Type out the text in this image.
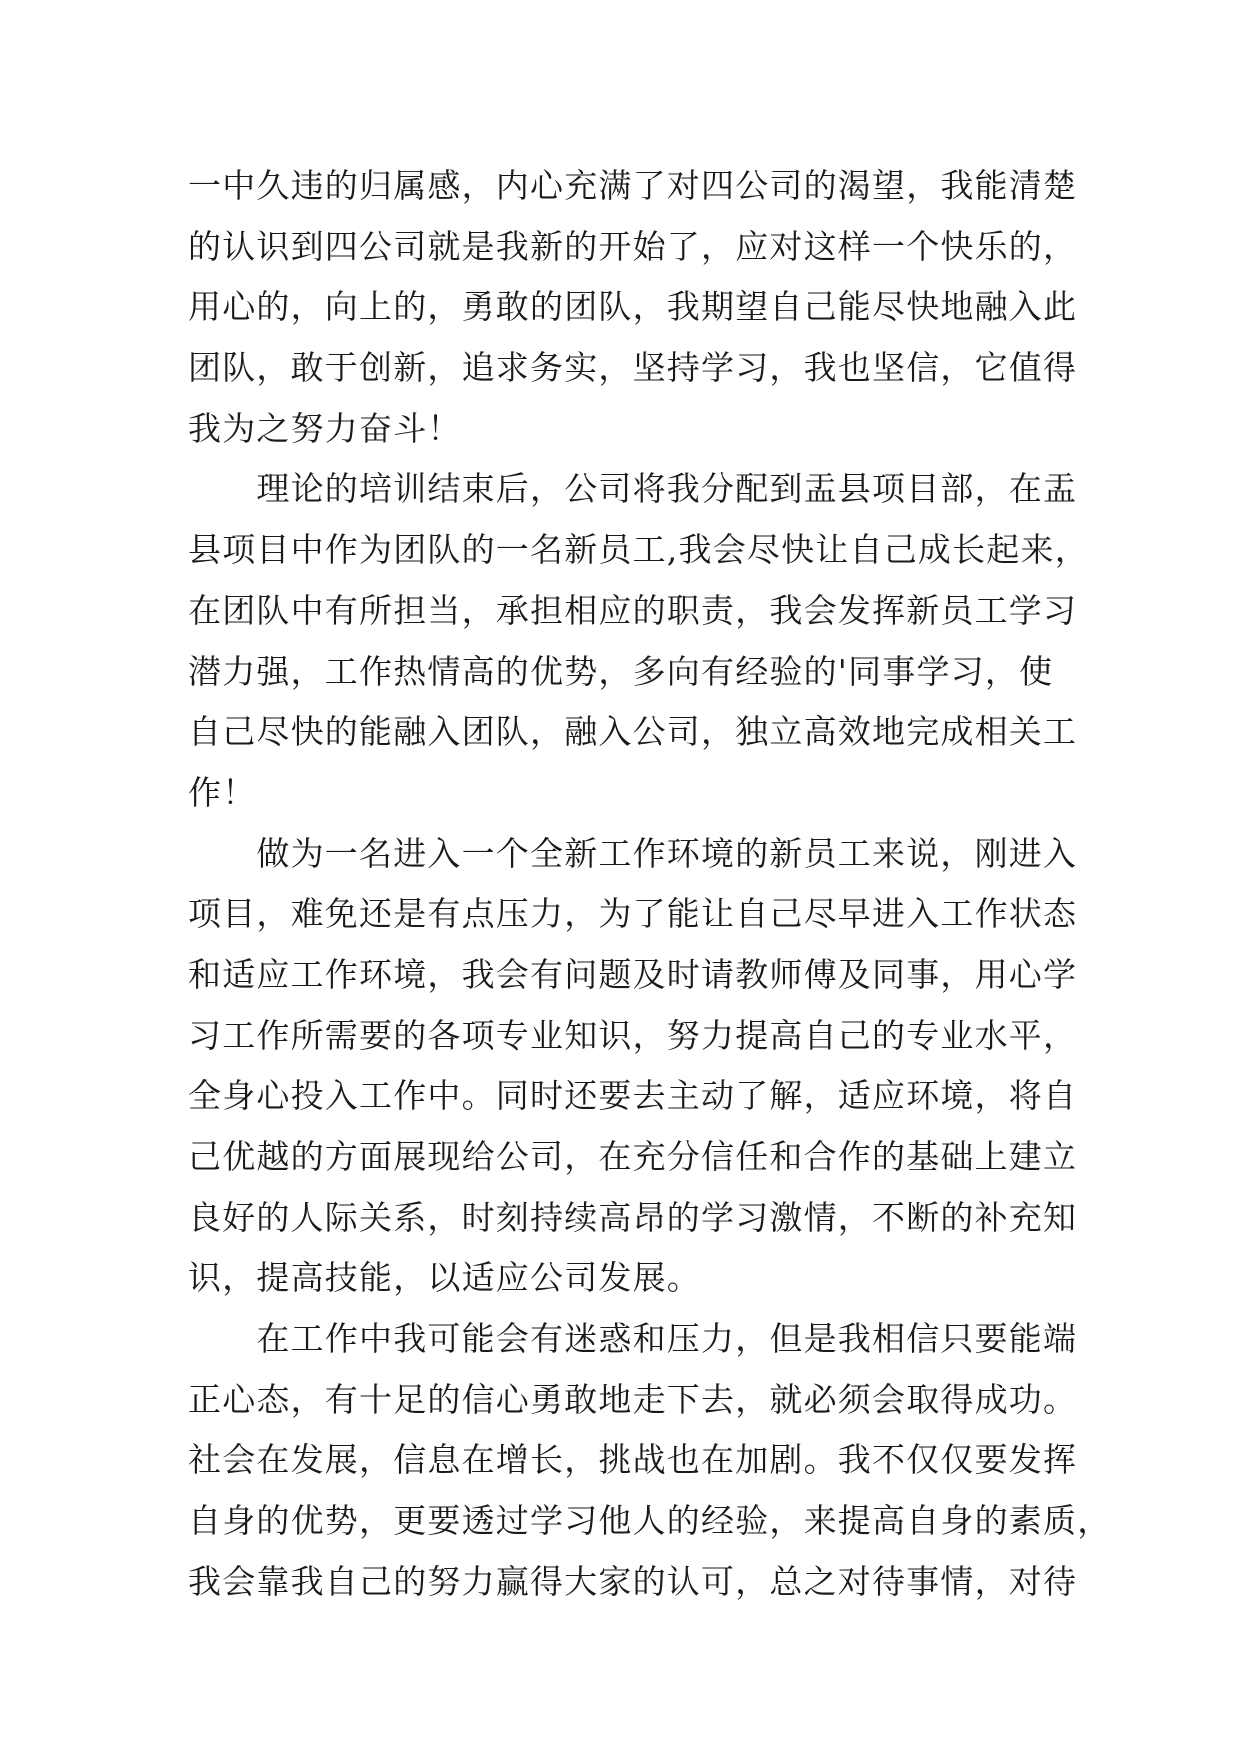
一中久违的归属感，内心充满了对四公司的渴望，我能清楚
的认识到四公司就是我新的开始了，应对这样一个快乐的，
用心的，向上的，勇敢的团队，我期望自己能尽快地融入此
团队，敢于创新，追求务实，坚持学习，我也坚信，它值得
我为之努力奋斗！
　　理论的培训结束后，公司将我分配到盂县项目部，在盂
县项目中作为团队的一名新员工,我会尽快让自己成长起来，
在团队中有所担当，承担相应的职责，我会发挥新员工学习
潜力强，工作热情高的优势，多向有经验的'同事学习，使
自己尽快的能融入团队，融入公司，独立高效地完成相关工
作！
　　做为一名进入一个全新工作环境的新员工来说，刚进入
项目，难免还是有点压力，为了能让自己尽早进入工作状态
和适应工作环境，我会有问题及时请教师傅及同事，用心学
习工作所需要的各项专业知识，努力提高自己的专业水平，
全身心投入工作中。同时还要去主动了解，适应环境，将自
己优越的方面展现给公司，在充分信任和合作的基础上建立
良好的人际关系，时刻持续高昂的学习激情，不断的补充知
识，提高技能，以适应公司发展。
　　在工作中我可能会有迷惑和压力，但是我相信只要能端
正心态，有十足的信心勇敢地走下去，就必须会取得成功。
社会在发展，信息在增长，挑战也在加剧。我不仅仅要发挥
自身的优势，更要透过学习他人的经验，来提高自身的素质，
我会靠我自己的努力赢得大家的认可，总之对待事情，对待
